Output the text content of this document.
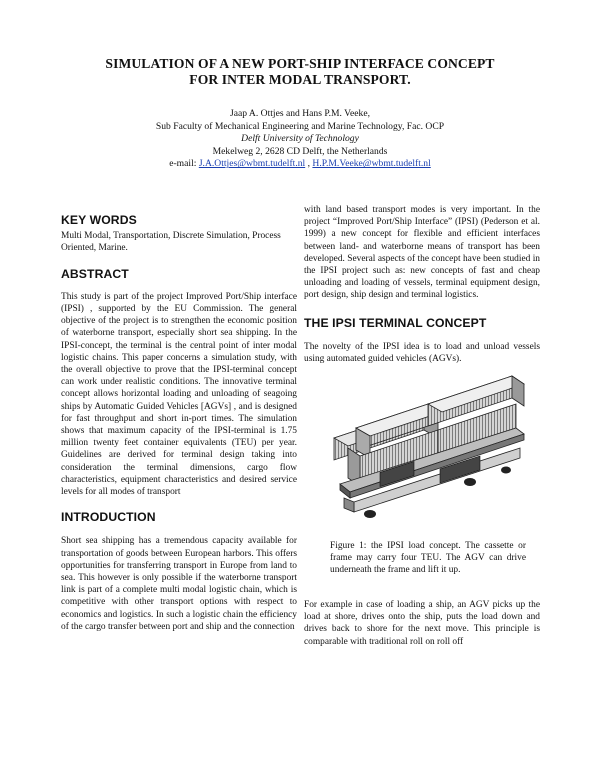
SIMULATION OF A NEW PORT-SHIP INTERFACE CONCEPT
FOR INTER MODAL TRANSPORT.
Jaap A. Ottjes and Hans P.M. Veeke,
Sub Faculty of Mechanical Engineering and Marine Technology, Fac. OCP
Delft University of Technology
Mekelweg 2, 2628 CD Delft, the Netherlands
e-mail: J.A.Ottjes@wbmt.tudelft.nl , H.P.M.Veeke@wbmt.tudelft.nl
KEY WORDS

Multi Modal, Transportation, Discrete Simulation, Process Oriented, Marine.

ABSTRACT

This study is part of the project Improved Port/Ship interface (IPSI) , supported by the EU Commission. The general objective of the project is to strengthen the economic position of waterborne transport, especially short sea shipping. In the IPSI-concept, the terminal is the central point of inter modal logistic chains. This paper concerns a simulation study, with the overall objective to prove that the IPSI-terminal concept can work under realistic conditions. The innovative terminal concept allows horizontal loading and unloading of seagoing ships by Automatic Guided Vehicles [AGVs] , and is designed for fast throughput and short in-port times. The simulation shows that maximum capacity of the IPSI-terminal is 1.75 million twenty feet container equivalents (TEU) per year. Guidelines are derived for terminal design taking into consideration the terminal dimensions, cargo flow characteristics, equipment characteristics and desired service levels for all modes of transport

INTRODUCTION

Short sea shipping has a tremendous capacity available for transportation of goods between European harbors. This offers opportunities for transferring transport in Europe from land to sea. This however is only possible if the waterborne transport link is part of a complete multi modal logistic chain, which is competitive with other transport options with respect to economics and logistics. In such a logistic chain the efficiency of the cargo transfer between port and ship and the connection

with land based transport modes is very important. In the project “Improved Port/Ship Interface” (IPSI) (Pederson et al. 1999) a new concept for flexible and efficient interfaces between land- and waterborne means of transport has been developed. Several aspects of the concept have been studied in the IPSI project such as: new concepts of fast and cheap unloading and loading of vessels, terminal equipment design, port design, ship design and terminal logistics.

THE IPSI TERMINAL CONCEPT

The novelty of the IPSI idea is to load and unload vessels using automated guided vehicles (AGVs).

Figure 1: the IPSI load concept. The cassette or frame may carry four TEU. The AGV can drive underneath the frame and lift it up.

For example in case of loading a ship, an AGV picks up the load at shore, drives onto the ship, puts the load down and drives back to shore for the next move. This principle is comparable with traditional roll on roll off
